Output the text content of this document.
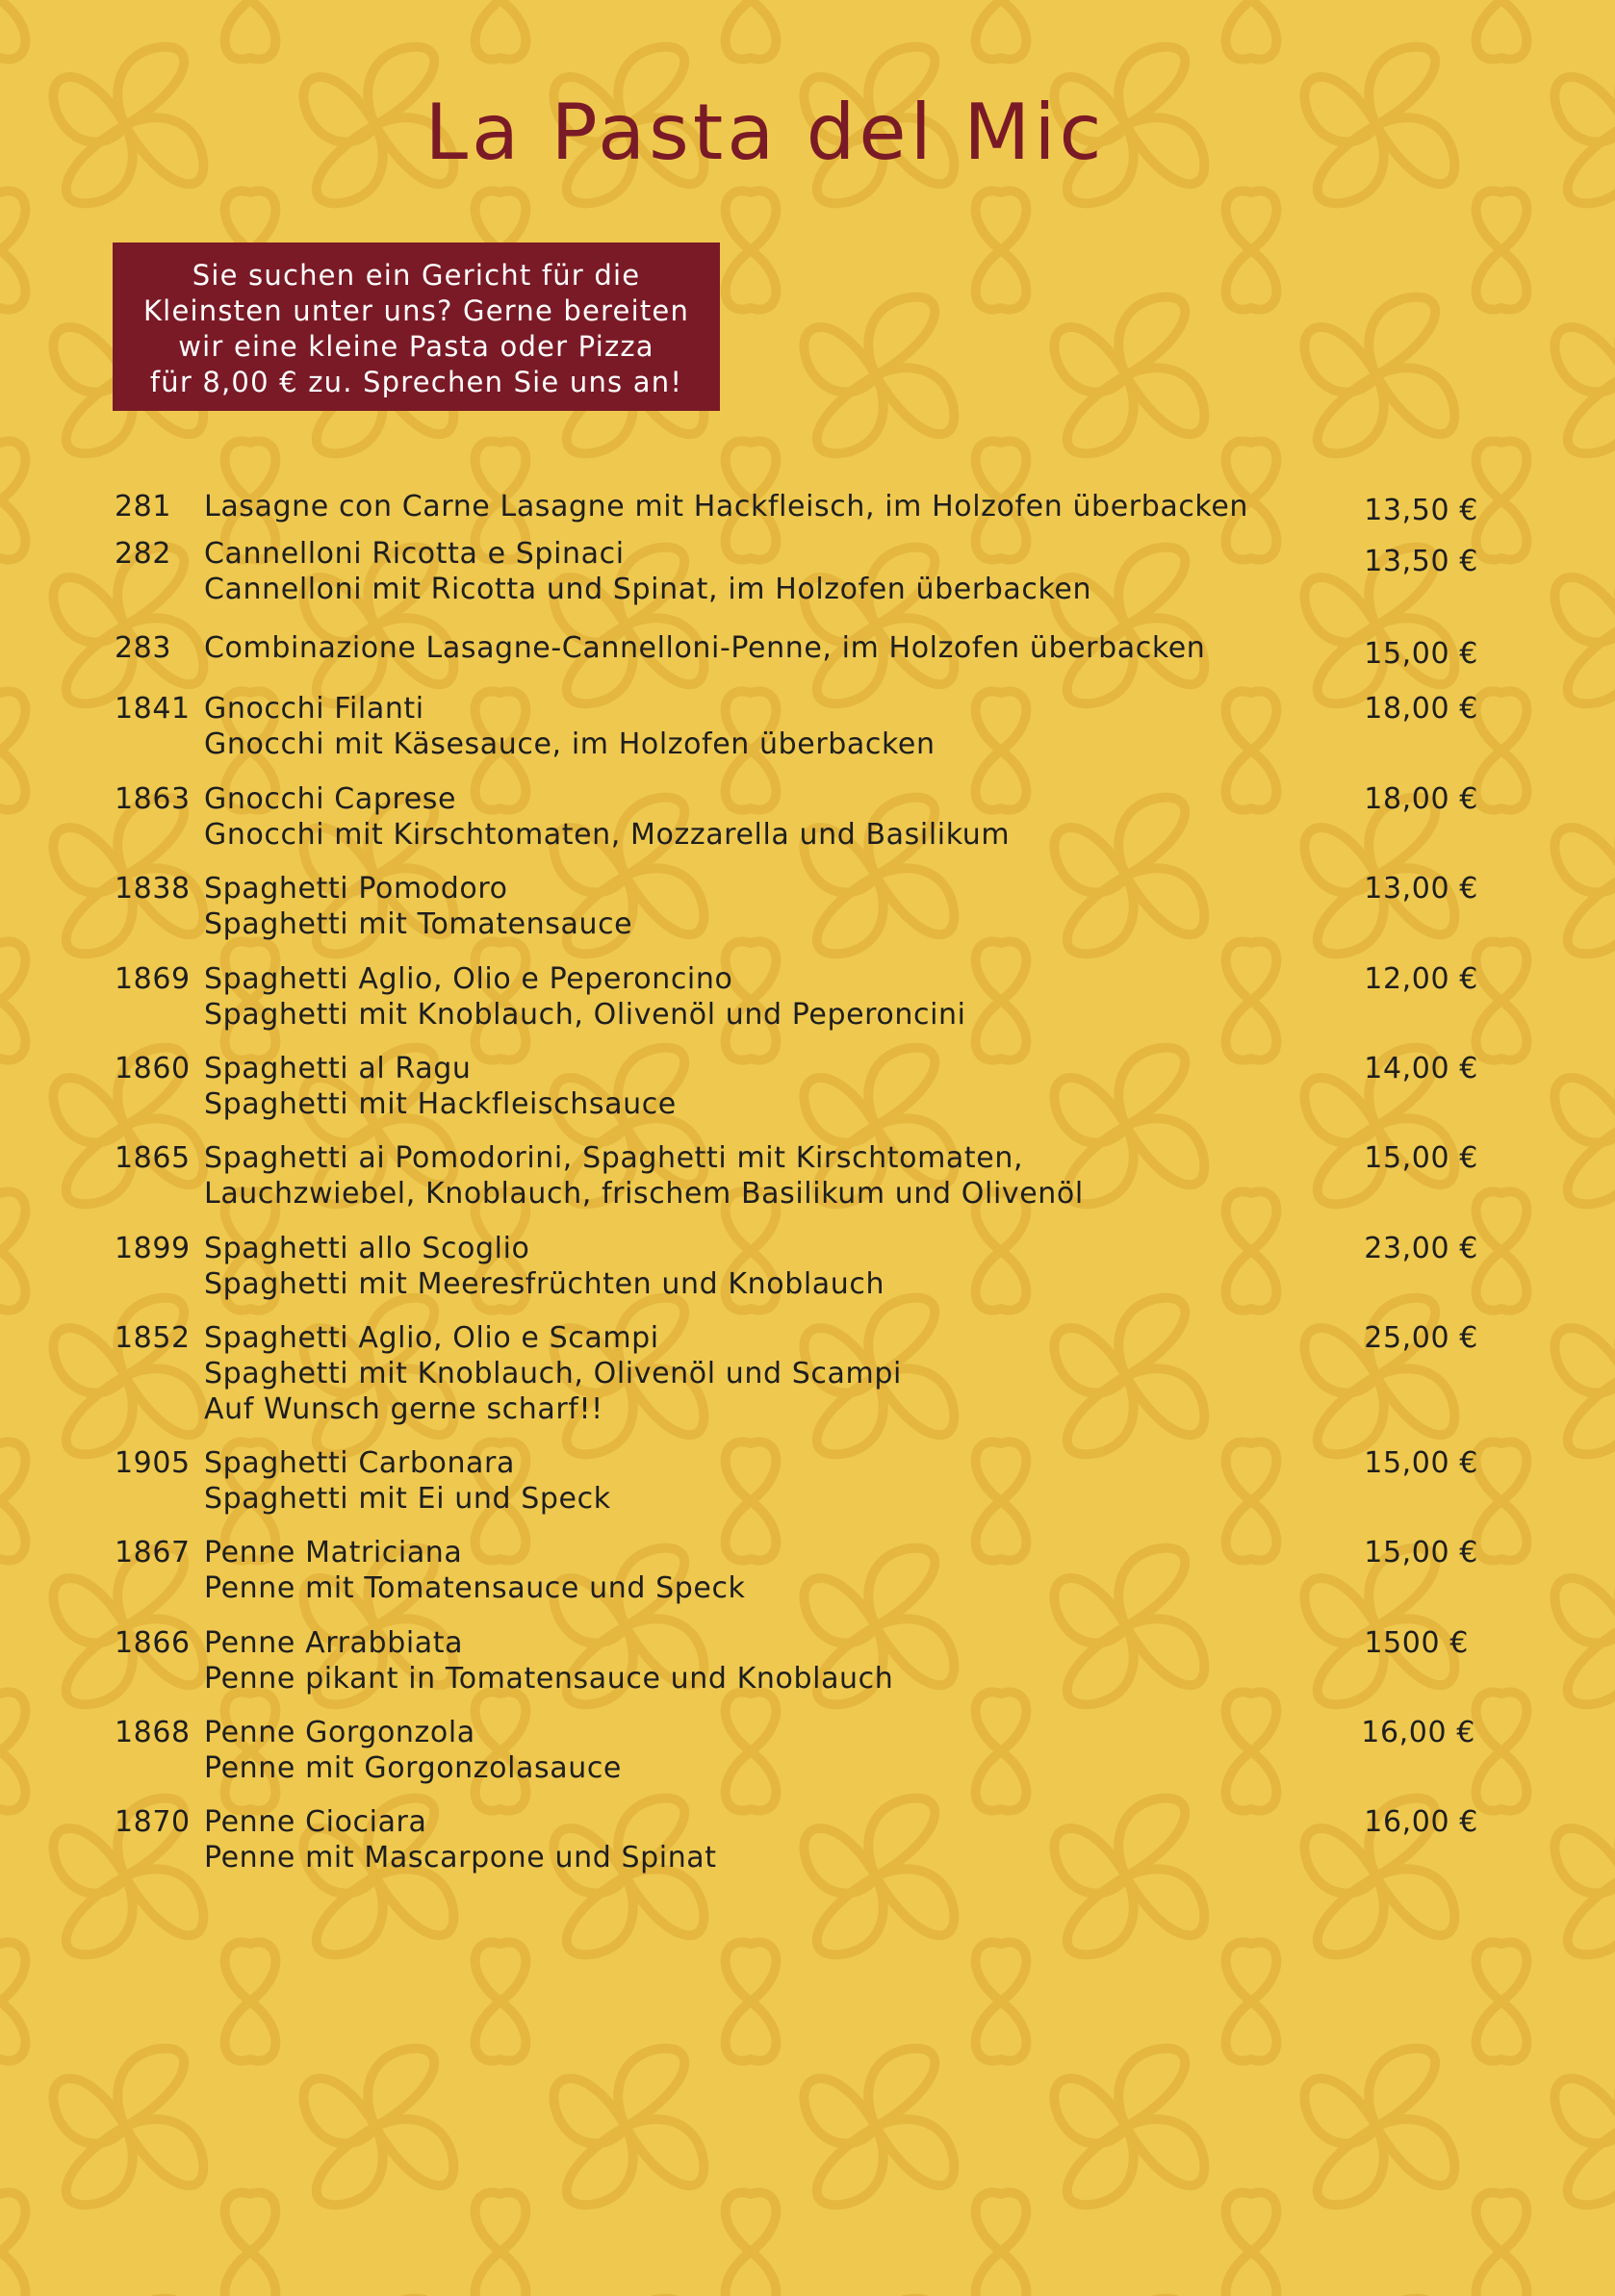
La Pasta del Mic
Sie suchen ein Gericht für die
Kleinsten unter uns? Gerne bereiten
wir eine kleine Pasta oder Pizza
für 8,00 € zu. Sprechen Sie uns an!
281 Lasagne con Carne Lasagne mit Hackfleisch, im Holzofen überbacken	13,50 €
282 Cannelloni Ricotta e Spinaci
Cannelloni mit Ricotta und Spinat, im Holzofen überbacken
13,50 €
283 Combinazione Lasagne-Cannelloni-Penne, im Holzofen überbacken	15,00 €
1841 Gnocchi Filanti
Gnocchi mit Käsesauce, im Holzofen überbacken
18,00 €
1863 Gnocchi Caprese
Gnocchi mit Kirschtomaten, Mozzarella und Basilikum
18,00 €
1838 Spaghetti Pomodoro
Spaghetti mit Tomatensauce
13,00 €
1869 Spaghetti Aglio, Olio e Peperoncino
Spaghetti mit Knoblauch, Olivenöl und Peperoncini
12,00 €
1860 Spaghetti al Ragu
Spaghetti mit Hackfleischsauce
14,00 €
1865 Spaghetti ai Pomodorini, Spaghetti mit Kirschtomaten,
Lauchzwiebel, Knoblauch, frischem Basilikum und Olivenöl
15,00 €
1899 Spaghetti allo Scoglio
Spaghetti mit Meeresfrüchten und Knoblauch
23,00 €
1852 Spaghetti Aglio, Olio e Scampi
Spaghetti mit Knoblauch, Olivenöl und Scampi
Auf Wunsch gerne scharf!!
25,00 €
1905 Spaghetti Carbonara
Spaghetti mit Ei und Speck
15,00 €
1867 Penne Matriciana
Penne mit Tomatensauce und Speck
15,00 €
1866 Penne Arrabbiata
Penne pikant in Tomatensauce und Knoblauch
1500 €
1868 Penne Gorgonzola
Penne mit Gorgonzolasauce
16,00 €
1870 Penne Ciociara
Penne mit Mascarpone und Spinat
16,00 €
